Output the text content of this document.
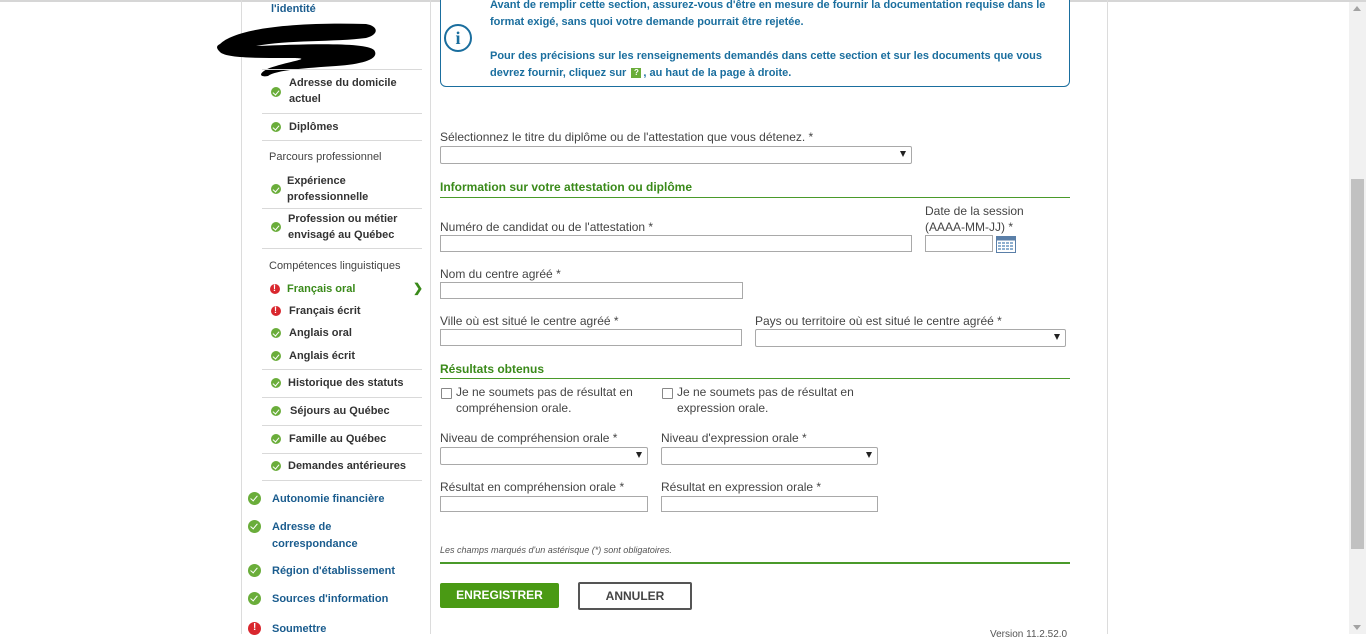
l'identité
Adresse du domicile
actuel
Diplômes
Parcours professionnel
Expérience
professionnelle
Profession ou métier
envisagé au Québec
Compétences linguistiques
!
Français oral	❯
!
Français écrit
Anglais oral
Anglais écrit
Historique des statuts
Séjours au Québec
Famille au Québec
Demandes antérieures
Autonomie financière
Adresse de
correspondance
Région d'établissement
Sources d'information
!
Soumettre
i
Avant de remplir cette section, assurez-vous d'être en mesure de fournir la documentation requise dans le
format exigé, sans quoi votre demande pourrait être rejetée.
Pour des précisions sur les renseignements demandés dans cette section et sur les documents que vous
devrez fournir, cliquez sur ? , au haut de la page à droite.
Sélectionnez le titre du diplôme ou de l'attestation que vous détenez. *
Information sur votre attestation ou diplôme
Numéro de candidat ou de l'attestation *
Date de la session
(AAAA-MM-JJ) *
Nom du centre agréé *
Ville où est situé le centre agréé *	Pays ou territoire où est situé le centre agréé *
Résultats obtenus
Je ne soumets pas de résultat en
compréhension orale.
Je ne soumets pas de résultat en
expression orale.
Niveau de compréhension orale *	Niveau d'expression orale *
Résultat en compréhension orale *	Résultat en expression orale *
Les champs marqués d'un astérisque (*) sont obligatoires.
ENREGISTRER	ANNULER
Version 11.2.52.0
